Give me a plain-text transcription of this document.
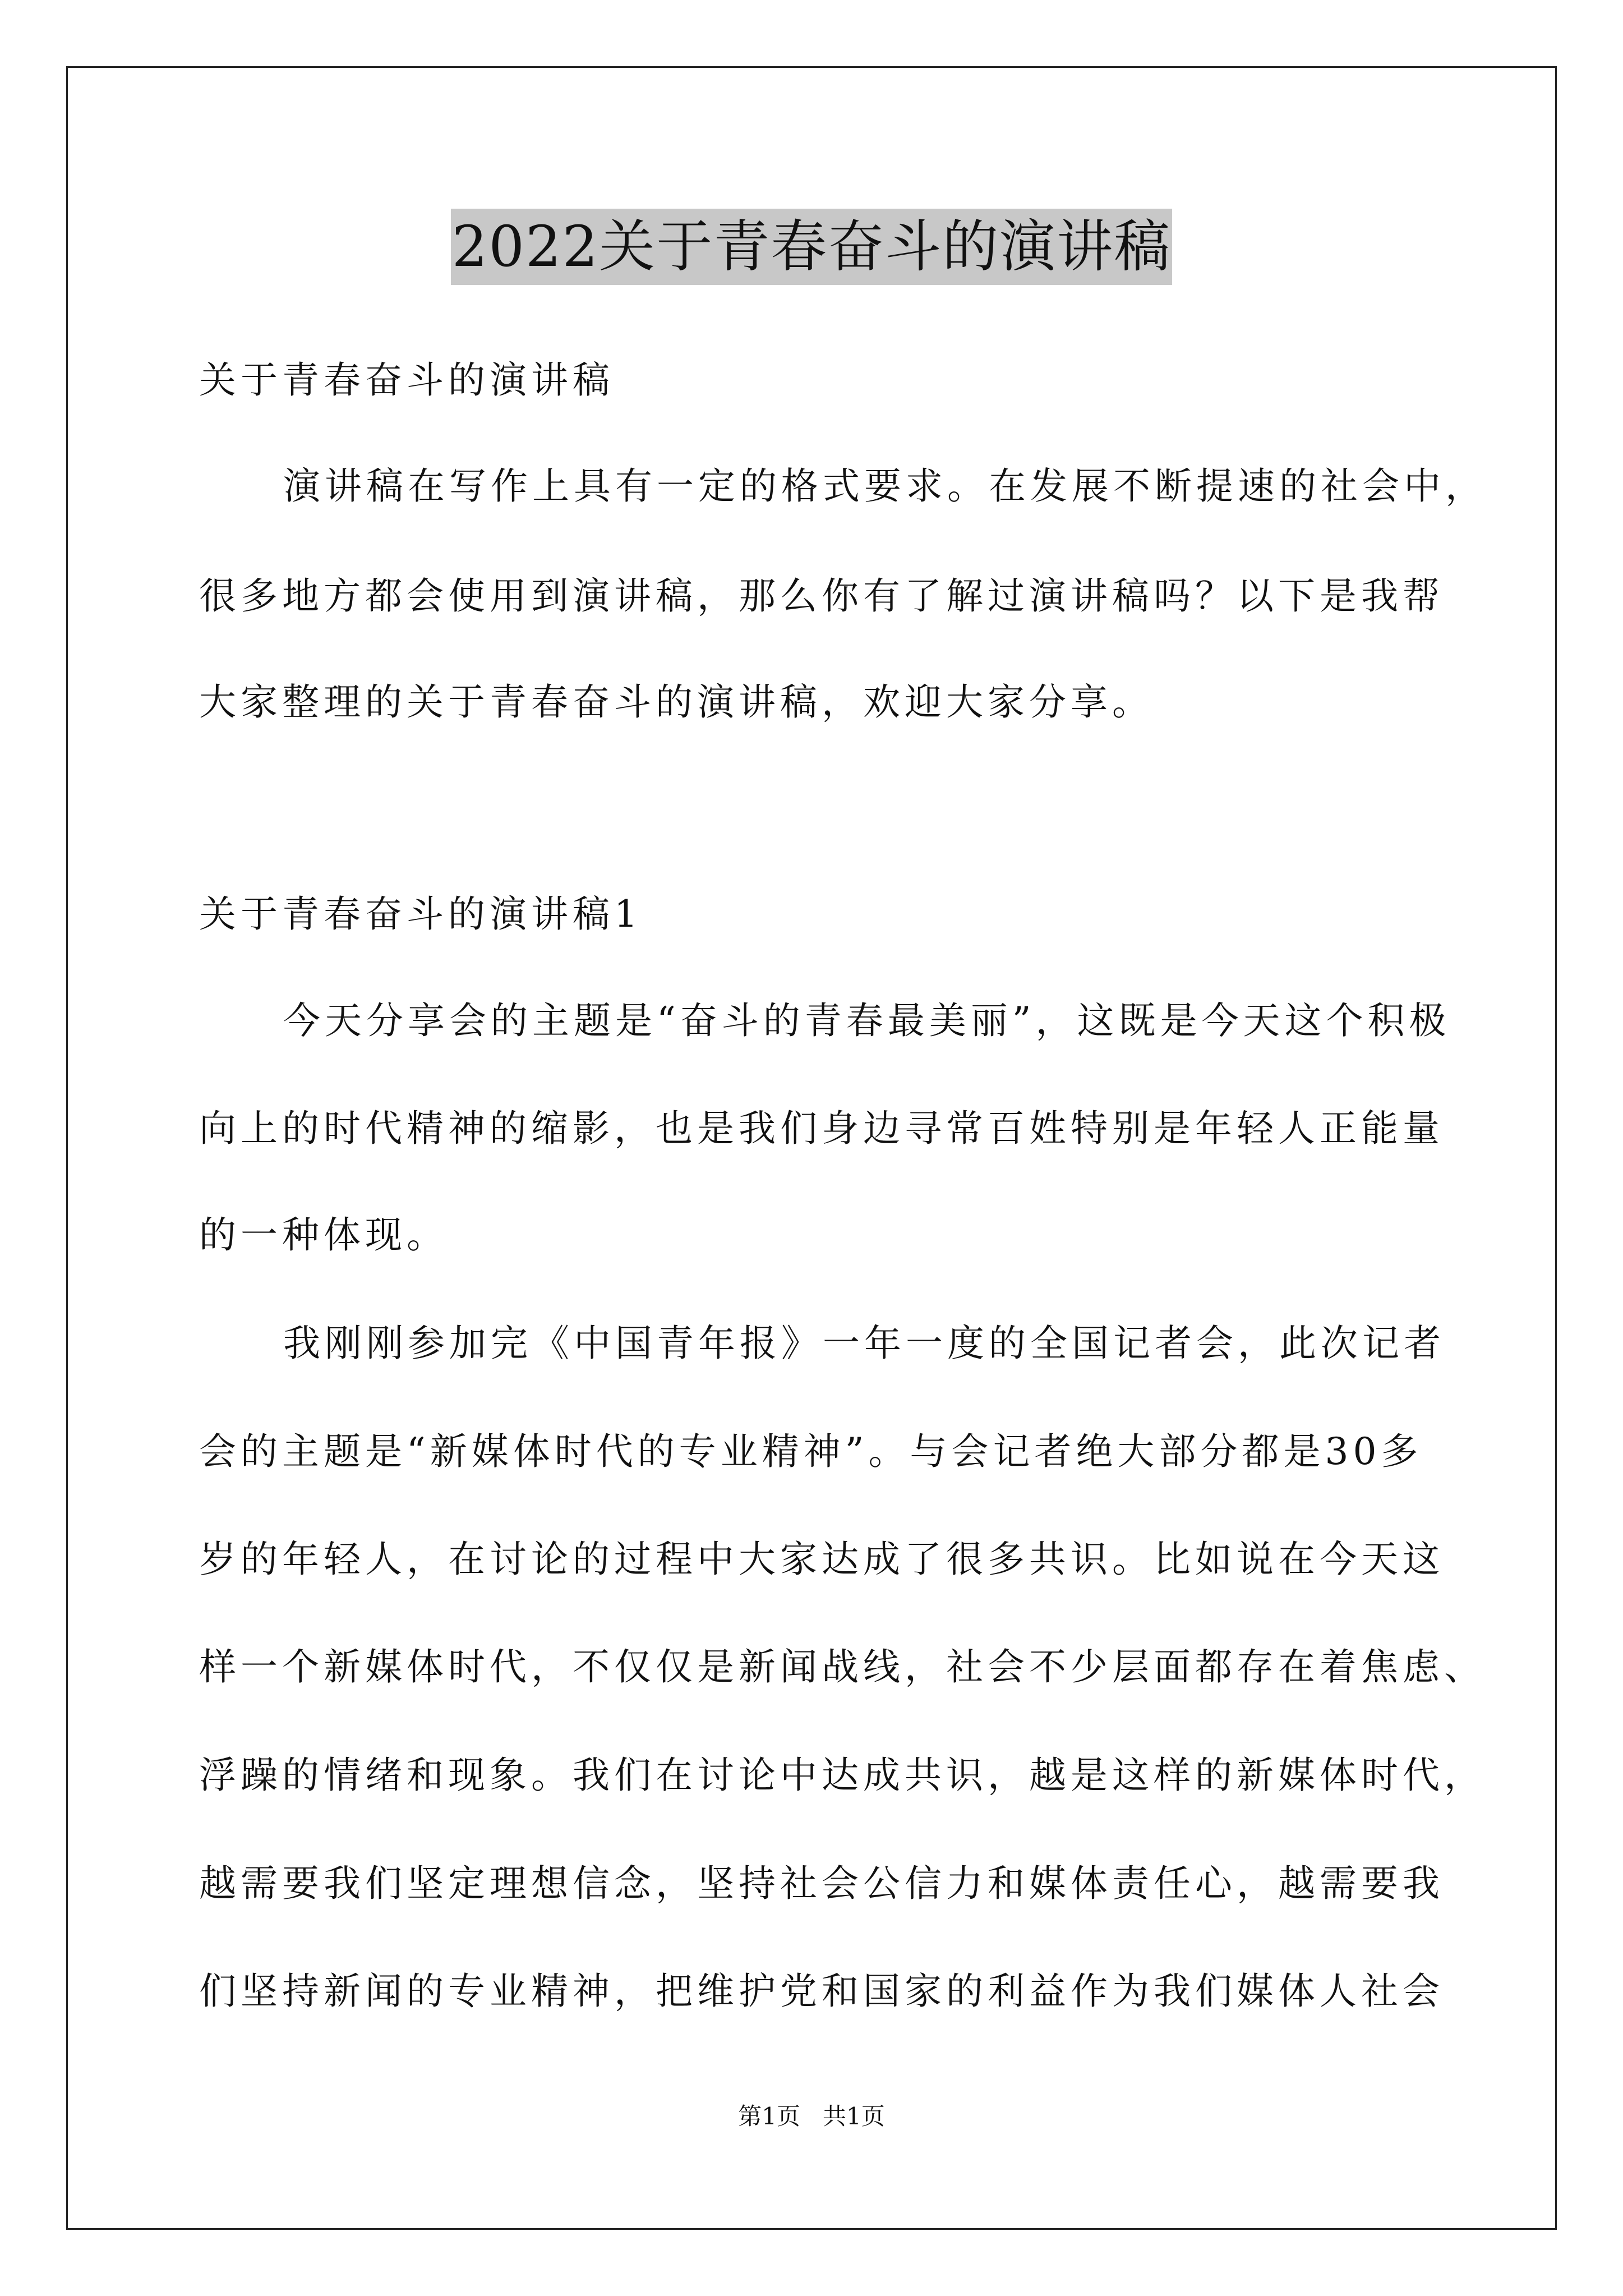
2022关于青春奋斗的演讲稿
关于青春奋斗的演讲稿
演讲稿在写作上具有一定的格式要求。在发展不断提速的社会中，
很多地方都会使用到演讲稿，那么你有了解过演讲稿吗？以下是我帮
大家整理的关于青春奋斗的演讲稿，欢迎大家分享。
关于青春奋斗的演讲稿1
今天分享会的主题是“奋斗的青春最美丽”，这既是今天这个积极
向上的时代精神的缩影，也是我们身边寻常百姓特别是年轻人正能量
的一种体现。
我刚刚参加完《中国青年报》一年一度的全国记者会，此次记者
会的主题是“新媒体时代的专业精神”。与会记者绝大部分都是30多
岁的年轻人，在讨论的过程中大家达成了很多共识。比如说在今天这
样一个新媒体时代，不仅仅是新闻战线，社会不少层面都存在着焦虑、
浮躁的情绪和现象。我们在讨论中达成共识，越是这样的新媒体时代，
越需要我们坚定理想信念，坚持社会公信力和媒体责任心，越需要我
们坚持新闻的专业精神，把维护党和国家的利益作为我们媒体人社会
第1页   共1页
